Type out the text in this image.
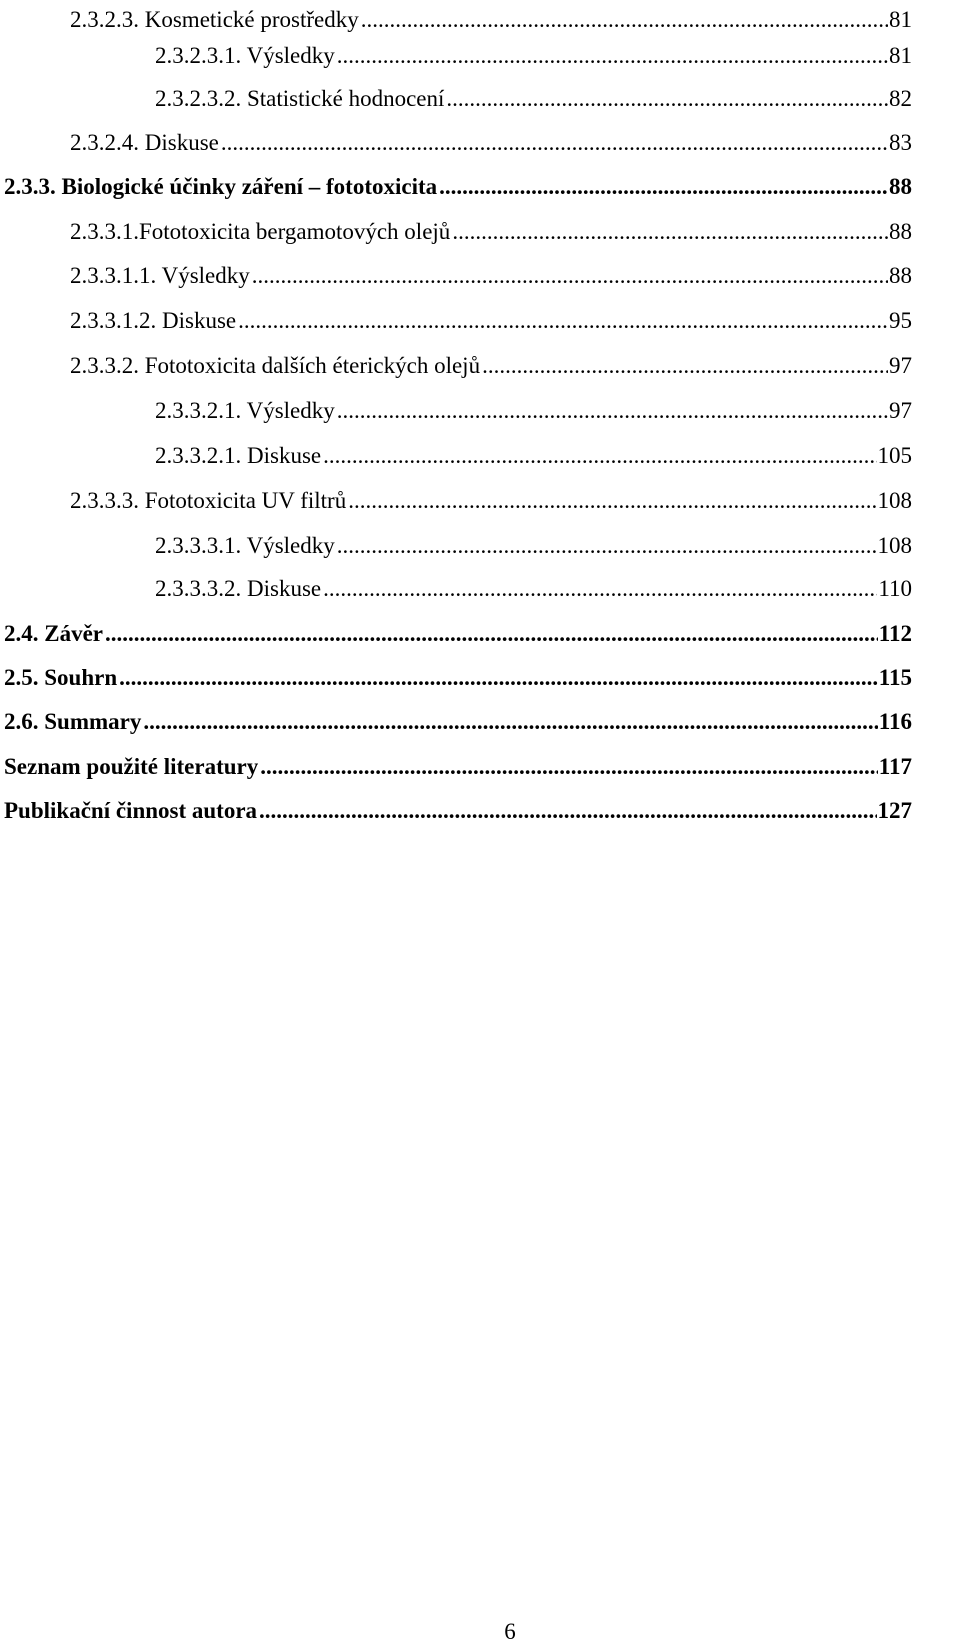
2.3.2.3. Kosmetické prostředky .....	81
2.3.2.3.1. Výsledky .....	81
2.3.2.3.2. Statistické hodnocení .....	82
2.3.2.4. Diskuse .....	83
2.3.3. Biologické účinky záření – fototoxicita .....	88
2.3.3.1.Fototoxicita bergamotových olejů .....	88
2.3.3.1.1. Výsledky .....	88
2.3.3.1.2. Diskuse .....	95
2.3.3.2. Fototoxicita dalších éterických olejů .....	97
2.3.3.2.1. Výsledky .....	97
2.3.3.2.1. Diskuse .....	105
2.3.3.3. Fototoxicita UV filtrů .....	108
2.3.3.3.1. Výsledky .....	108
2.3.3.3.2. Diskuse .....	110
2.4. Závěr .....	112
2.5. Souhrn .....	115
2.6. Summary .....	116
Seznam použité literatury .....	117
Publikační činnost autora .....	127
6
